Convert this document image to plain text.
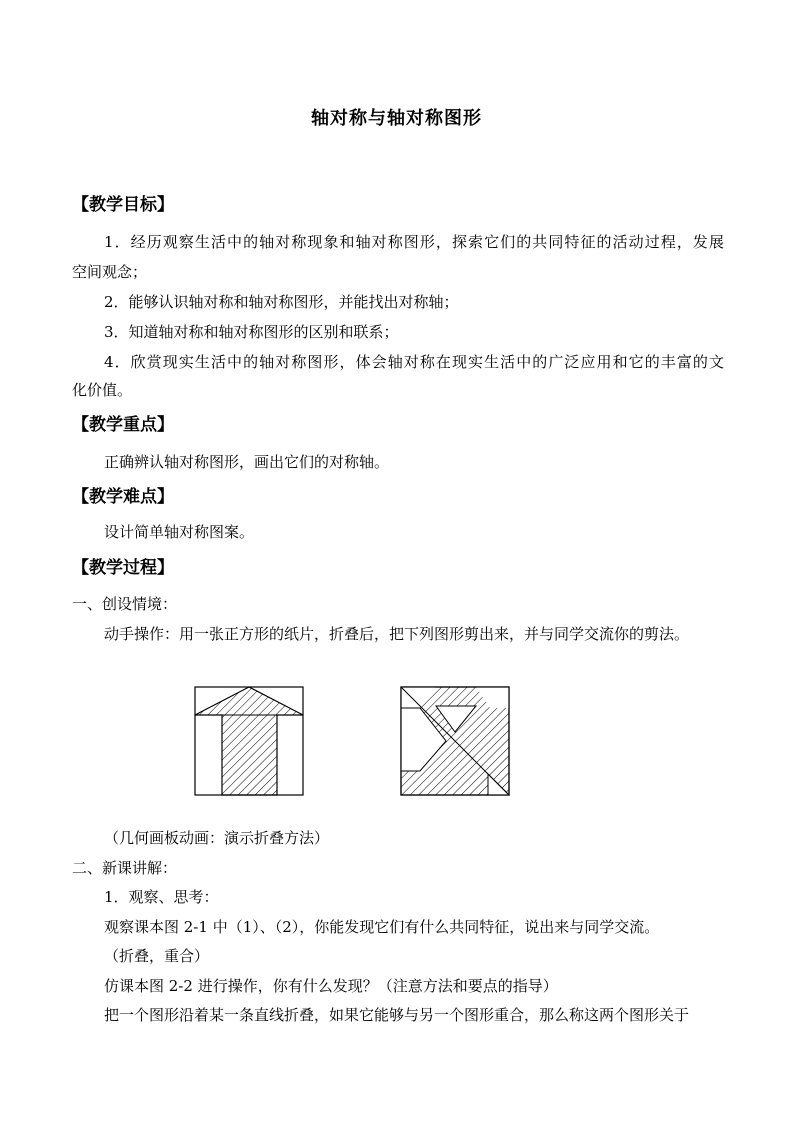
轴对称与轴对称图形
【教学目标】
1．经历观察生活中的轴对称现象和轴对称图形，探索它们的共同特征的活动过程，发展
空间观念；
2．能够认识轴对称和轴对称图形，并能找出对称轴；
3．知道轴对称和轴对称图形的区别和联系；
4．欣赏现实生活中的轴对称图形，体会轴对称在现实生活中的广泛应用和它的丰富的文
化价值。
【教学重点】
正确辨认轴对称图形，画出它们的对称轴。
【教学难点】
设计简单轴对称图案。
【教学过程】
一、创设情境：
动手操作：用一张正方形的纸片，折叠后，把下列图形剪出来，并与同学交流你的剪法。
（几何画板动画：演示折叠方法）
二、新课讲解：
1．观察、思考：
观察课本图 2-1 中（1）、（2），你能发现它们有什么共同特征，说出来与同学交流。
（折叠，重合）
仿课本图 2-2 进行操作，你有什么发现？（注意方法和要点的指导）
把一个图形沿着某一条直线折叠，如果它能够与另一个图形重合，那么称这两个图形关于
